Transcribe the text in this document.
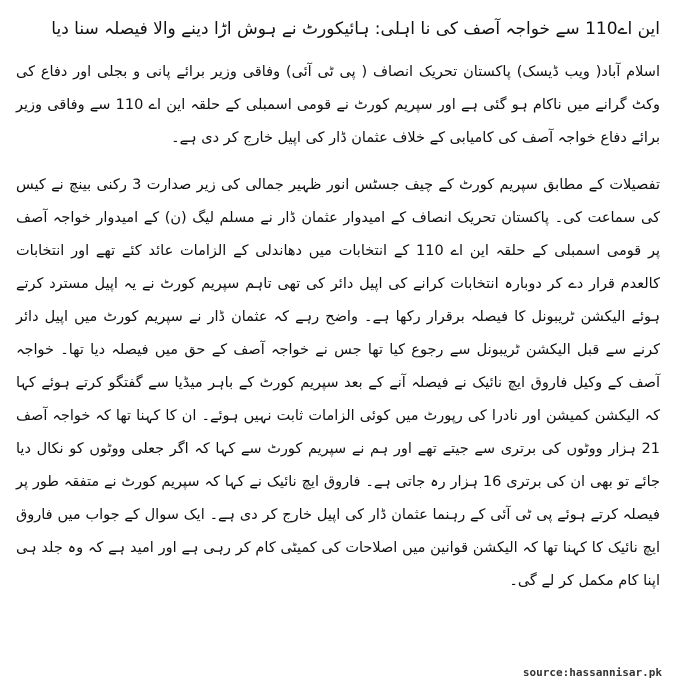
این اے110 سے خواجہ آصف کی نا اہلی: ہائیکورٹ نے ہوش اڑا دینے والا فیصلہ سنا دیا

اسلام آباد( ویب ڈیسک) پاکستان تحریک انصاف ( پی ٹی آئی) وفاقی وزیر برائے پانی و بجلی اور دفاع کی وکٹ گرانے میں ناکام ہو گئی ہے اور سپریم کورٹ نے قومی اسمبلی کے حلقہ این اے 110 سے وفاقی وزیر برائے دفاع خواجہ آصف کی کامیابی کے خلاف عثمان ڈار کی اپیل خارج کر دی ہے۔

تفصیلات کے مطابق سپریم کورٹ کے چیف جسٹس انور ظہیر جمالی کی زیر صدارت 3 رکنی بینچ نے کیس کی سماعت کی۔ پاکستان تحریک انصاف کے امیدوار عثمان ڈار نے مسلم لیگ (ن) کے امیدوار خواجہ آصف پر قومی اسمبلی کے حلقہ این اے 110 کے انتخابات میں دھاندلی کے الزامات عائد کئے تھے اور انتخابات کالعدم قرار دے کر دوبارہ انتخابات کرانے کی اپیل دائر کی تھی تاہم سپریم کورٹ نے یہ اپیل مسترد کرتے ہوئے الیکشن ٹریبونل کا فیصلہ برقرار رکھا ہے۔ واضح رہے کہ عثمان ڈار نے سپریم کورٹ میں اپیل دائر کرنے سے قبل الیکشن ٹریبونل سے رجوع کیا تھا جس نے خواجہ آصف کے حق میں فیصلہ دیا تھا۔ خواجہ آصف کے وکیل فاروق ایچ نائیک نے فیصلہ آنے کے بعد سپریم کورٹ کے باہر میڈیا سے گفتگو کرتے ہوئے کہا کہ الیکشن کمیشن اور نادرا کی رپورٹ میں کوئی الزامات ثابت نہیں ہوئے۔ ان کا کہنا تھا کہ خواجہ آصف 21 ہزار ووٹوں کی برتری سے جیتے تھے اور ہم نے سپریم کورٹ سے کہا کہ اگر جعلی ووٹوں کو نکال دیا جائے تو بھی ان کی برتری 16 ہزار رہ جاتی ہے۔ فاروق ایچ نائیک نے کہا کہ سپریم کورٹ نے متفقہ طور پر فیصلہ کرتے ہوئے پی ٹی آئی کے رہنما عثمان ڈار کی اپیل خارج کر دی ہے۔ ایک سوال کے جواب میں فاروق ایچ نائیک کا کہنا تھا کہ الیکشن قوانین میں اصلاحات کی کمیٹی کام کر رہی ہے اور امید ہے کہ وہ جلد ہی اپنا کام مکمل کر لے گی۔

source:hassannisar.pk
